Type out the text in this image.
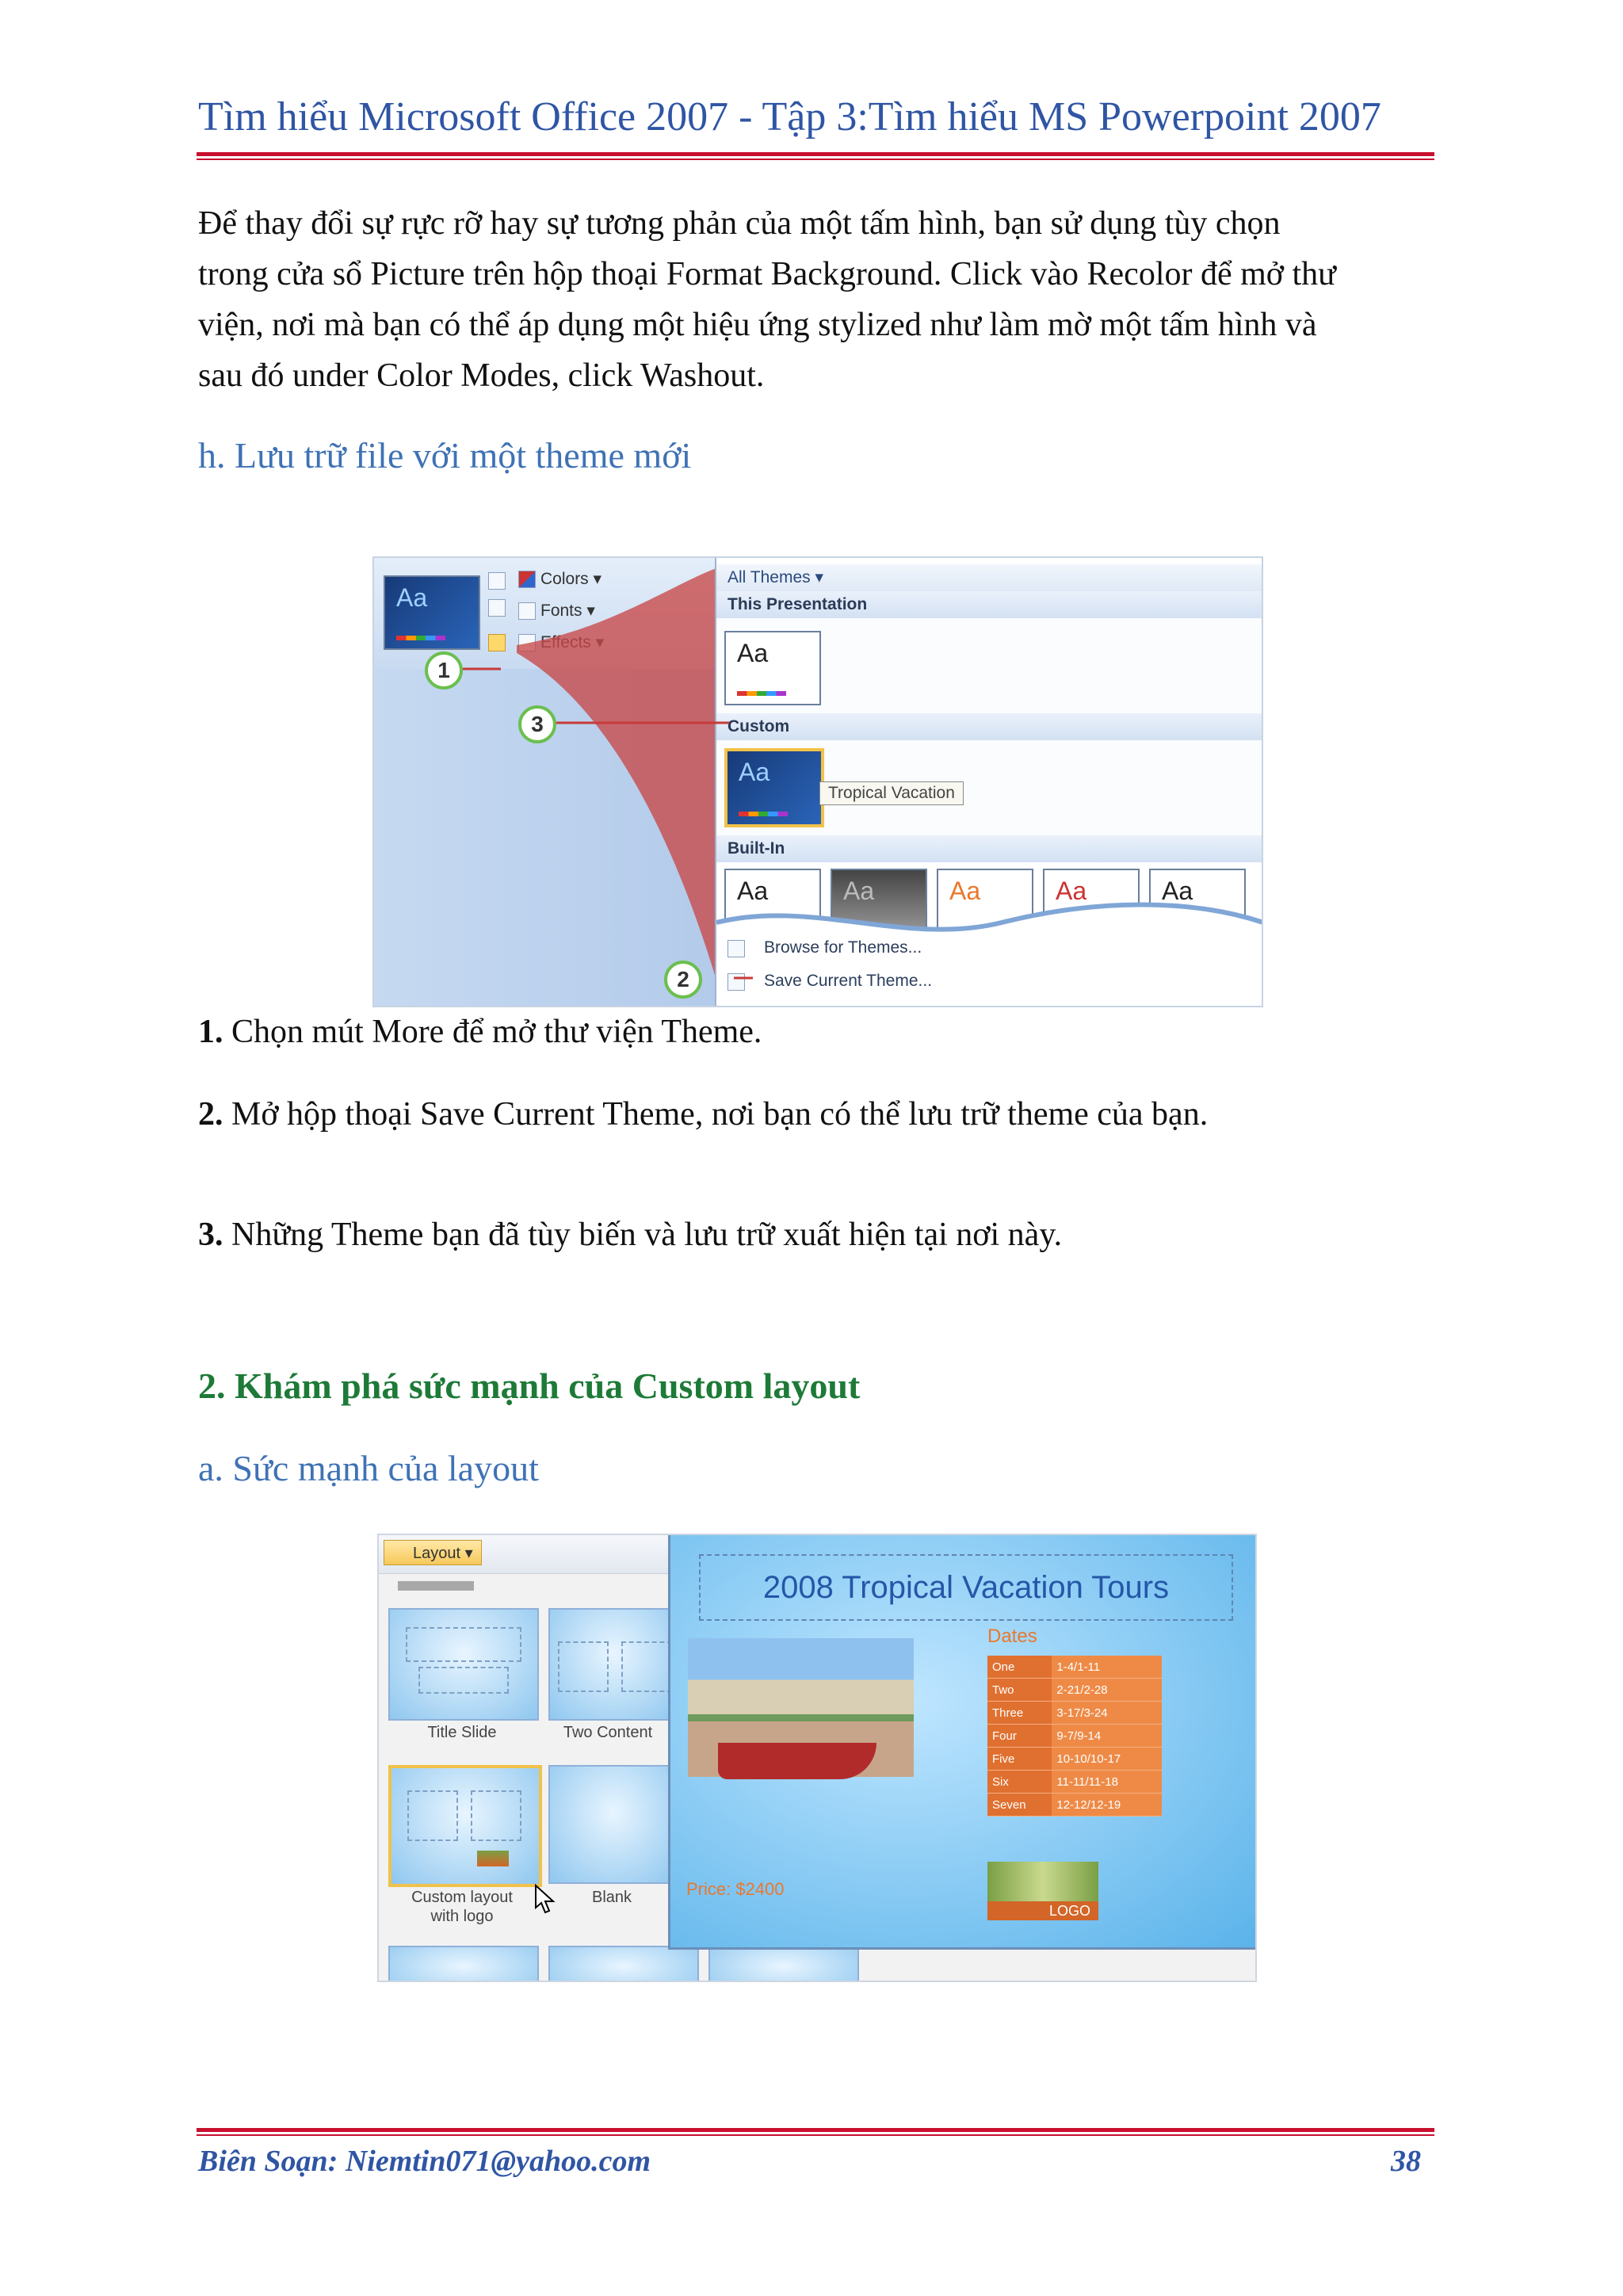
Tìm hiểu Microsoft Office 2007 - Tập 3:Tìm hiểu MS Powerpoint 2007
Để thay đổi sự rực rỡ hay sự tương phản của một tấm hình, bạn sử dụng tùy chọn
trong cửa sổ Picture trên hộp thoại Format Background. Click vào Recolor để mở thư
viện, nơi mà bạn có thể áp dụng một hiệu ứng stylized như làm mờ một tấm hình và
sau đó under Color Modes, click Washout.
h. Lưu trữ file với một theme mới
Aa
Colors ▾
Fonts ▾
All Themes ▾
This Presentation
Aa
Custom
Aa
Tropical Vacation
Built-In
Aa	Aa	Aa	Aa	Aa
Browse for Themes...
Save Current Theme...
1
3
2
1. Chọn mút More để mở thư viện Theme.
2. Mở hộp thoại Save Current Theme, nơi bạn có thể lưu trữ theme của bạn.
3. Những Theme bạn đã tùy biến và lưu trữ xuất hiện tại nơi này.
2. Khám phá sức mạnh của Custom layout
a. Sức mạnh của layout
Layout ▾
Title Slide	Two Content
Custom layout
with logo
Blank
2008 Tropical Vacation Tours
Dates
One	1-4/1-11
Two	2-21/2-28
Three	3-17/3-24
Four	9-7/9-14
Five	10-10/10-17
Six	11-11/11-18
Seven	12-12/12-19
Price: $2400
LOGO
Biên Soạn: Niemtin071@yahoo.com	38
